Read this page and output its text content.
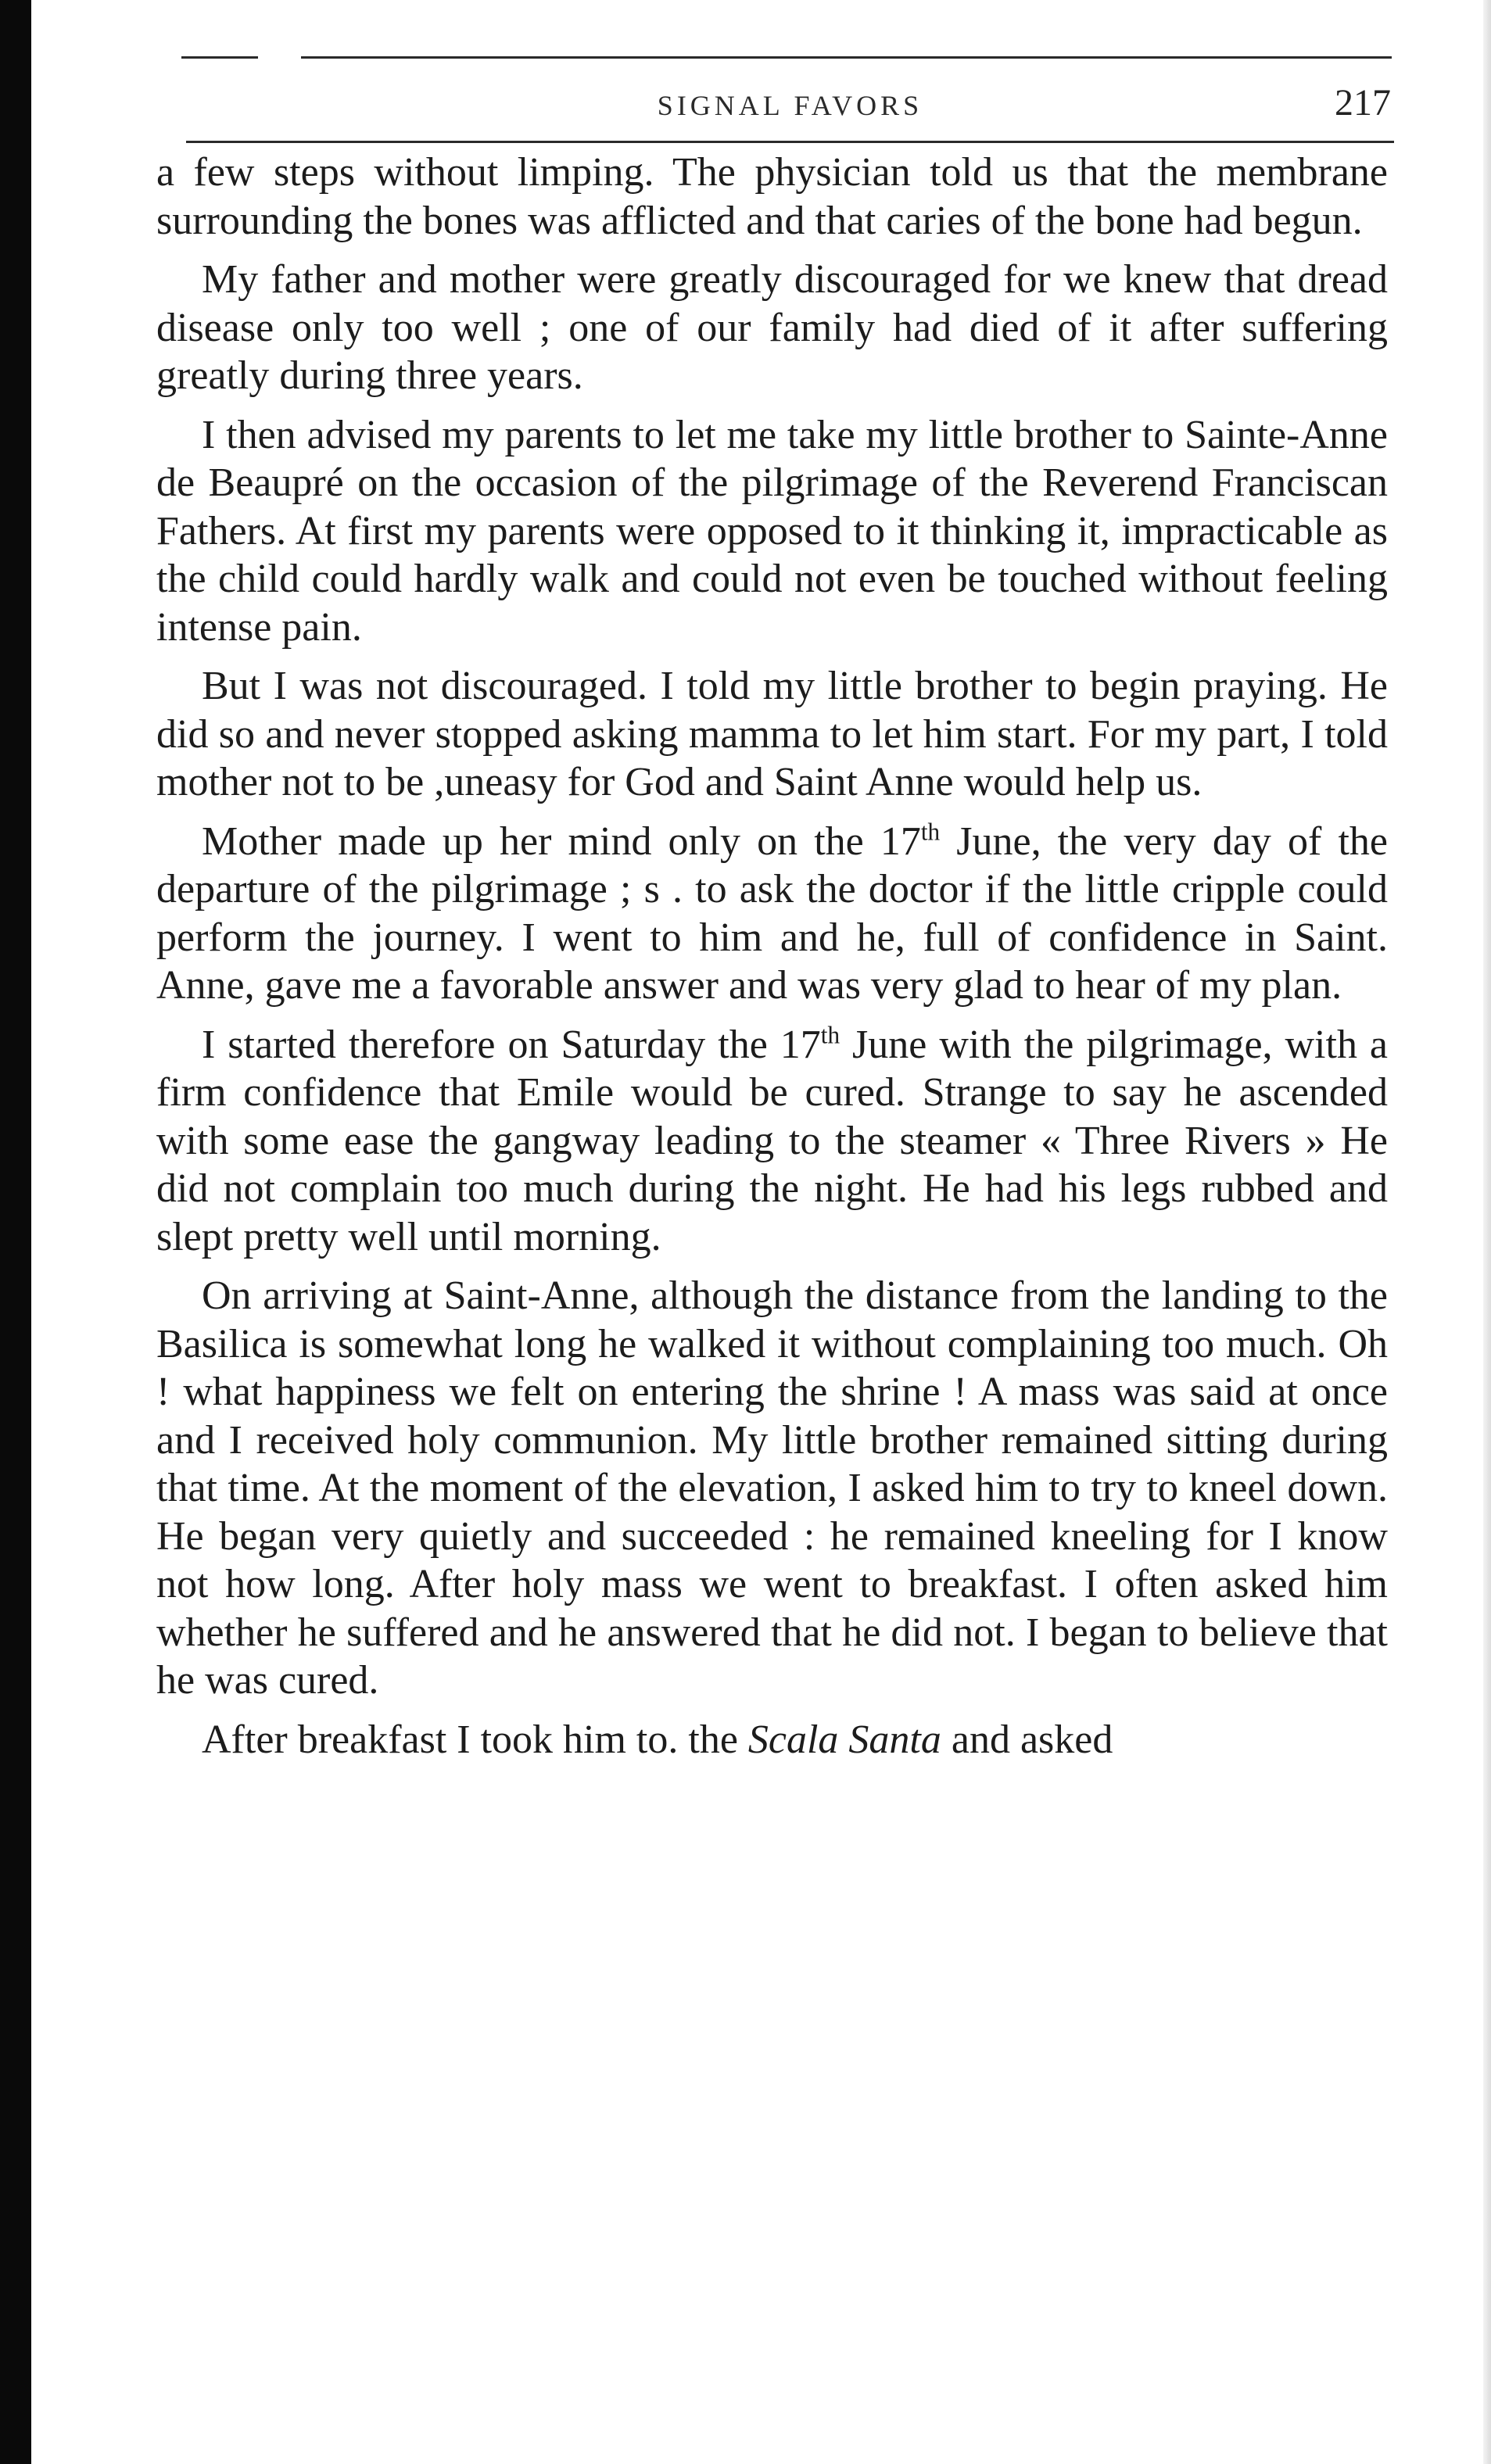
SIGNAL FAVORS	217

a few steps without limping. The physician told us that the membrane surrounding the bones was afflicted and that caries of the bone had begun.

My father and mother were greatly discouraged for we knew that dread disease only too well ; one of our family had died of it after suffering greatly during three years.

I then advised my parents to let me take my little brother to Sainte-Anne de Beaupré on the occasion of the pilgrimage of the Reverend Franciscan Fathers. At first my parents were opposed to it thinking it, impracticable as the child could hardly walk and could not even be touched without feeling intense pain.

But I was not discouraged. I told my little brother to begin praying. He did so and never stopped asking mamma to let him start. For my part, I told mother not to be ,uneasy for God and Saint Anne would help us.

Mother made up her mind only on the 17th June, the very day of the departure of the pilgrimage ; s . to ask the doctor if the little cripple could perform the journey. I went to him and he, full of confidence in Saint. Anne, gave me a favorable answer and was very glad to hear of my plan.

I started therefore on Saturday the 17th June with the pilgrimage, with a firm confidence that Emile would be cured. Strange to say he ascended with some ease the gangway leading to the steamer « Three Rivers » He did not complain too much during the night. He had his legs rubbed and slept pretty well until morning.

On arriving at Saint-Anne, although the distance from the landing to the Basilica is somewhat long he walked it without complaining too much. Oh ! what happiness we felt on entering the shrine ! A mass was said at once and I received holy communion. My little brother remained sitting during that time. At the moment of the elevation, I asked him to try to kneel down. He began very quietly and succeeded : he remained kneeling for I know not how long. After holy mass we went to breakfast. I often asked him whether he suffered and he answered that he did not. I began to believe that he was cured.

After breakfast I took him to. the Scala Santa and asked
